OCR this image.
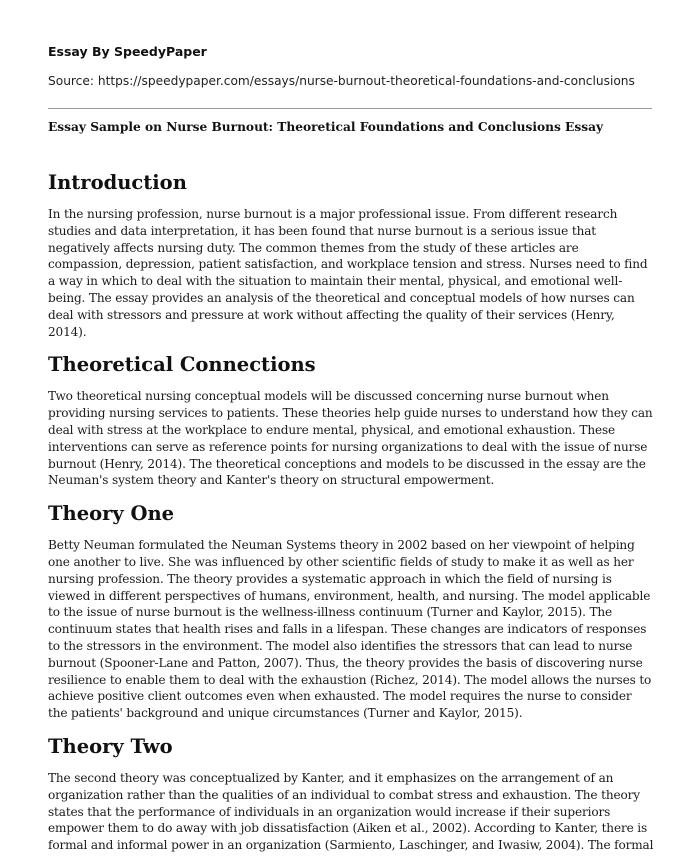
Essay By SpeedyPaper

Source: https://speedypaper.com/essays/nurse-burnout-theoretical-foundations-and-conclusions

Essay Sample on Nurse Burnout: Theoretical Foundations and Conclusions Essay

Introduction

In the nursing profession, nurse burnout is a major professional issue. From different research studies and data interpretation, it has been found that nurse burnout is a serious issue that negatively affects nursing duty. The common themes from the study of these articles are compassion, depression, patient satisfaction, and workplace tension and stress. Nurses need to find a way in which to deal with the situation to maintain their mental, physical, and emotional well-being. The essay provides an analysis of the theoretical and conceptual models of how nurses can deal with stressors and pressure at work without affecting the quality of their services (Henry, 2014).

Theoretical Connections

Two theoretical nursing conceptual models will be discussed concerning nurse burnout when providing nursing services to patients. These theories help guide nurses to understand how they can deal with stress at the workplace to endure mental, physical, and emotional exhaustion. These interventions can serve as reference points for nursing organizations to deal with the issue of nurse burnout (Henry, 2014). The theoretical conceptions and models to be discussed in the essay are the Neuman's system theory and Kanter's theory on structural empowerment.

Theory One

Betty Neuman formulated the Neuman Systems theory in 2002 based on her viewpoint of helping one another to live. She was influenced by other scientific fields of study to make it as well as her nursing profession. The theory provides a systematic approach in which the field of nursing is viewed in different perspectives of humans, environment, health, and nursing. The model applicable to the issue of nurse burnout is the wellness-illness continuum (Turner and Kaylor, 2015). The continuum states that health rises and falls in a lifespan. These changes are indicators of responses to the stressors in the environment. The model also identifies the stressors that can lead to nurse burnout (Spooner-Lane and Patton, 2007). Thus, the theory provides the basis of discovering nurse resilience to enable them to deal with the exhaustion (Richez, 2014). The model allows the nurses to achieve positive client outcomes even when exhausted. The model requires the nurse to consider the patients' background and unique circumstances (Turner and Kaylor, 2015).

Theory Two

The second theory was conceptualized by Kanter, and it emphasizes on the arrangement of an organization rather than the qualities of an individual to combat stress and exhaustion. The theory states that the performance of individuals in an organization would increase if their superiors empower them to do away with job dissatisfaction (Aiken et al., 2002). According to Kanter, there is formal and informal power in an organization (Sarmiento, Laschinger, and Iwasiw, 2004). The formal
